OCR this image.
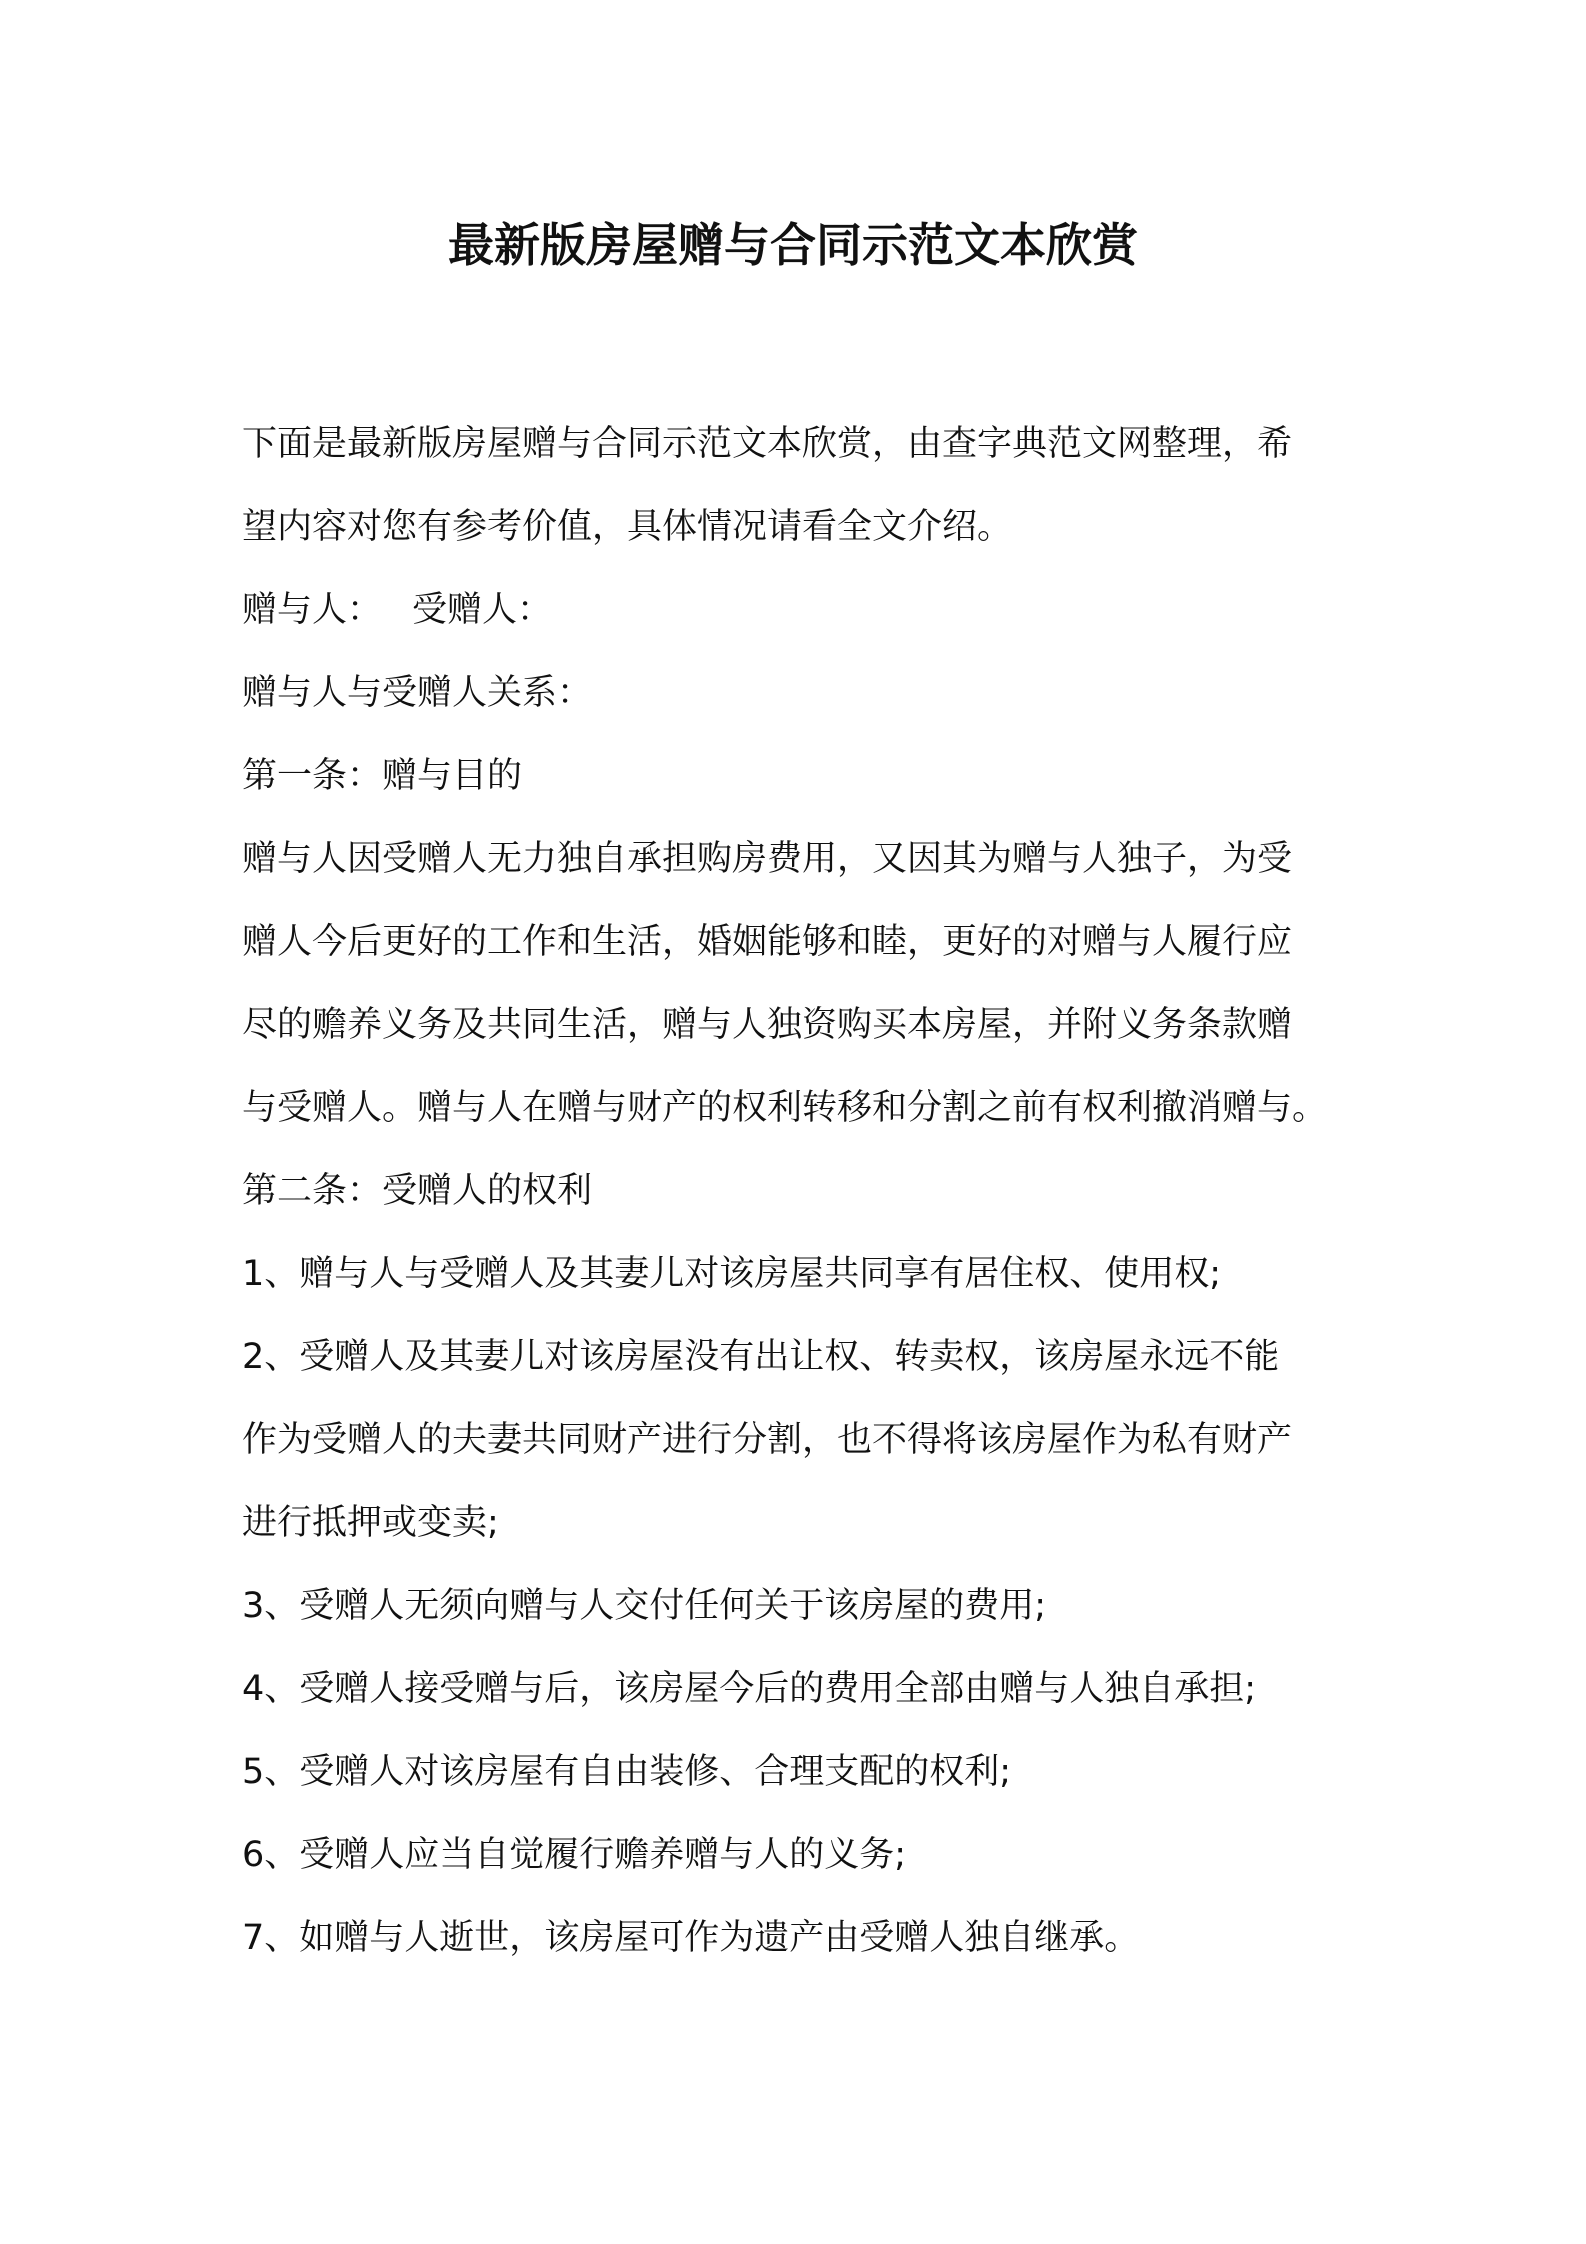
最新版房屋赠与合同示范文本欣赏
下面是最新版房屋赠与合同示范文本欣赏，由查字典范文网整理，希
望内容对您有参考价值，具体情况请看全文介绍。
赠与人： 受赠人：
赠与人与受赠人关系：
第一条：赠与目的
赠与人因受赠人无力独自承担购房费用，又因其为赠与人独子，为受
赠人今后更好的工作和生活，婚姻能够和睦，更好的对赠与人履行应
尽的赡养义务及共同生活，赠与人独资购买本房屋，并附义务条款赠
与受赠人。赠与人在赠与财产的权利转移和分割之前有权利撤消赠与。
第二条：受赠人的权利
1、赠与人与受赠人及其妻儿对该房屋共同享有居住权、使用权;
2、受赠人及其妻儿对该房屋没有出让权、转卖权，该房屋永远不能
作为受赠人的夫妻共同财产进行分割，也不得将该房屋作为私有财产
进行抵押或变卖;
3、受赠人无须向赠与人交付任何关于该房屋的费用;
4、受赠人接受赠与后，该房屋今后的费用全部由赠与人独自承担;
5、受赠人对该房屋有自由装修、合理支配的权利;
6、受赠人应当自觉履行赡养赠与人的义务;
7、如赠与人逝世，该房屋可作为遗产由受赠人独自继承。
